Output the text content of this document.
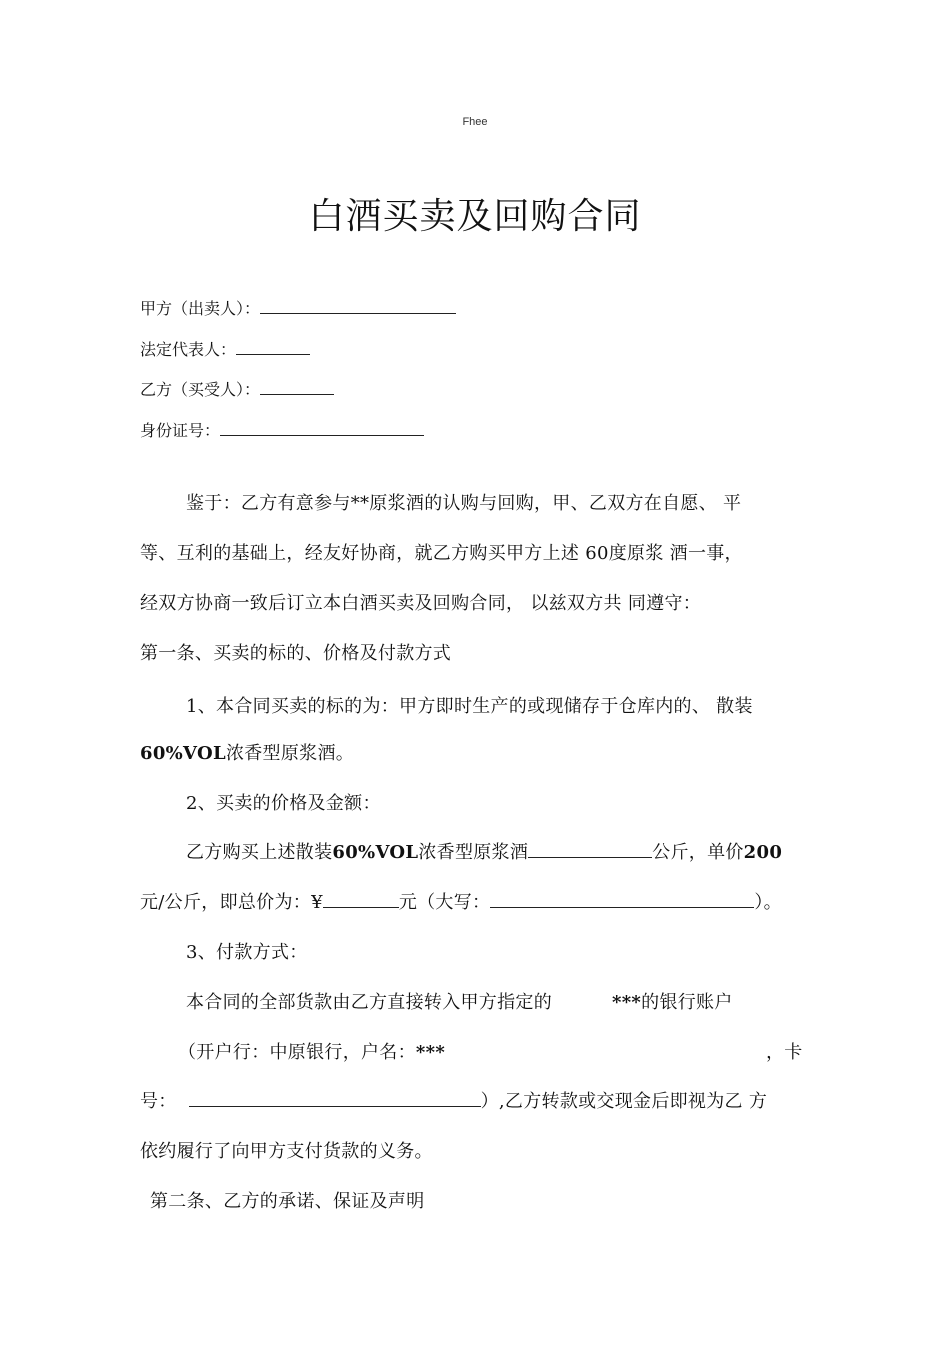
Fhee
白酒买卖及回购合同
甲方（出卖人）：
法定代表人：
乙方（买受人）：
身份证号：
鉴于：乙方有意参与**原浆酒的认购与回购，甲、乙双方在自愿、 平
等、互利的基础上，经友好协商，就乙方购买甲方上述 60度原浆 酒一事，
经双方协商一致后订立本白酒买卖及回购合同， 以兹双方共 同遵守：
第一条、买卖的标的、价格及付款方式
1、本合同买卖的标的为：甲方即时生产的或现储存于仓库内的、 散装
60%VOL浓香型原浆酒。
2、买卖的价格及金额：
乙方购买上述散装60%VOL浓香型原浆酒	公斤，单价200
元/公斤，即总价为：¥	元（大写：	）。
3、付款方式：
本合同的全部货款由乙方直接转入甲方指定的	***的银行账户
（开户行：中原银行，户名：***	，卡
号：	）,乙方转款或交现金后即视为乙 方
依约履行了向甲方支付货款的义务。
第二条、乙方的承诺、保证及声明
